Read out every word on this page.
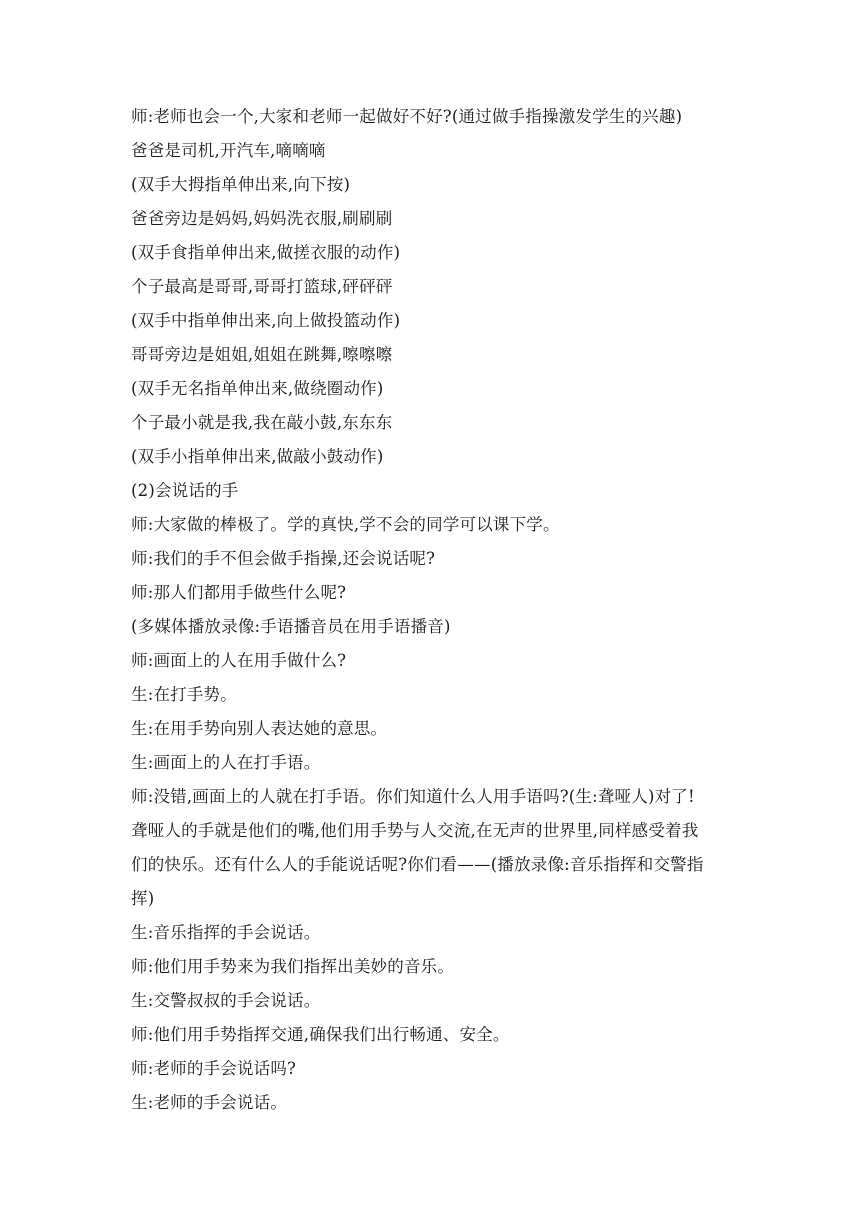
师:老师也会一个,大家和老师一起做好不好?(通过做手指操激发学生的兴趣)
爸爸是司机,开汽车,嘀嘀嘀
(双手大拇指单伸出来,向下按)
爸爸旁边是妈妈,妈妈洗衣服,刷刷刷
(双手食指单伸出来,做搓衣服的动作)
个子最高是哥哥,哥哥打篮球,砰砰砰
(双手中指单伸出来,向上做投篮动作)
哥哥旁边是姐姐,姐姐在跳舞,嚓嚓嚓
(双手无名指单伸出来,做绕圈动作)
个子最小就是我,我在敲小鼓,东东东
(双手小指单伸出来,做敲小鼓动作)
(2)会说话的手
师:大家做的棒极了。学的真快,学不会的同学可以课下学。
师:我们的手不但会做手指操,还会说话呢?
师:那人们都用手做些什么呢?
(多媒体播放录像:手语播音员在用手语播音)
师:画面上的人在用手做什么?
生:在打手势。
生:在用手势向别人表达她的意思。
生:画面上的人在打手语。
师:没错,画面上的人就在打手语。你们知道什么人用手语吗?(生:聋哑人)对了!
聋哑人的手就是他们的嘴,他们用手势与人交流,在无声的世界里,同样感受着我
们的快乐。还有什么人的手能说话呢?你们看——(播放录像:音乐指挥和交警指
挥)
生:音乐指挥的手会说话。
师:他们用手势来为我们指挥出美妙的音乐。
生:交警叔叔的手会说话。
师:他们用手势指挥交通,确保我们出行畅通、安全。
师:老师的手会说话吗?
生:老师的手会说话。
